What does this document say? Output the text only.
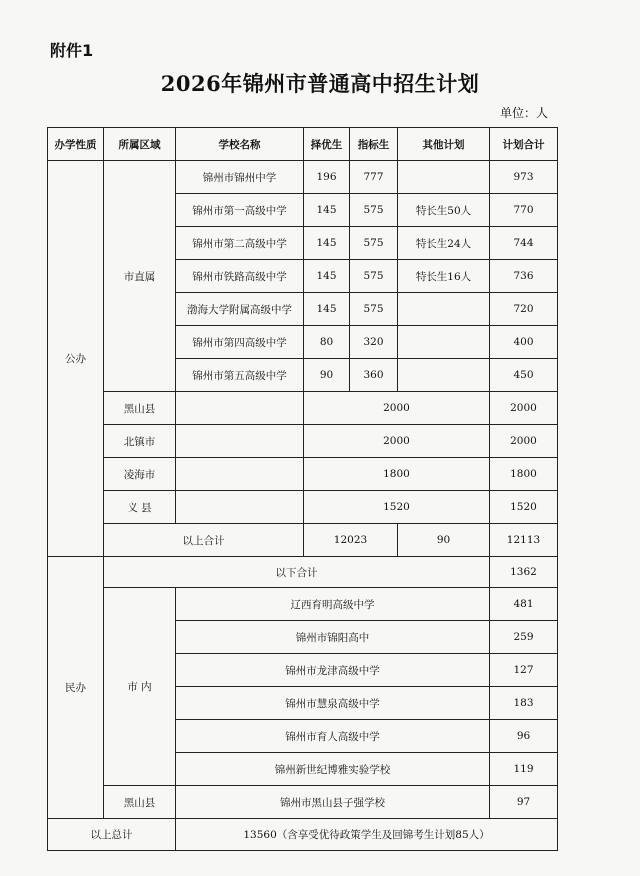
附件1
2026年锦州市普通高中招生计划
单位：人
办学性质	所属区域	学校名称	择优生	指标生	其他计划	计划合计
公办	市直属	锦州市锦州中学	196	777		973
		锦州市第一高级中学	145	575	特长生50人	770
		锦州市第二高级中学	145	575	特长生24人	744
		锦州市铁路高级中学	145	575	特长生16人	736
		渤海大学附属高级中学	145	575		720
		锦州市第四高级中学	80	320		400
		锦州市第五高级中学	90	360		450
	黑山县		2000			2000
	北镇市		2000			2000
	凌海市		1800			1800
	义 县		1520			1520
	以上合计		12023		90	12113
民办	以下合计					1362
	市 内	辽西育明高级中学				481
		锦州市锦阳高中				259
		锦州市龙津高级中学				127
		锦州市慧泉高级中学				183
		锦州市育人高级中学				96
		锦州新世纪博雅实验学校				119
	黑山县	锦州市黑山县子强学校				97
以上总计		13560（含享受优待政策学生及回锦考生计划85人）				
